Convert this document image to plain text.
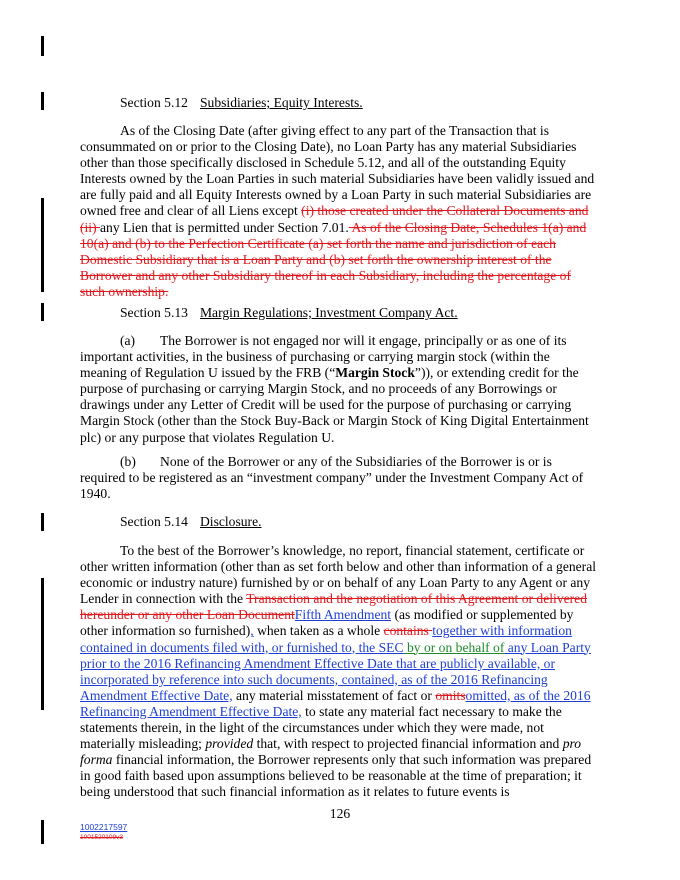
Section 5.12 Subsidiaries; Equity Interests.
As of the Closing Date (after giving effect to any part of the Transaction that is consummated on or prior to the Closing Date), no Loan Party has any material Subsidiaries other than those specifically disclosed in Schedule 5.12, and all of the outstanding Equity Interests owned by the Loan Parties in such material Subsidiaries have been validly issued and are fully paid and all Equity Interests owned by a Loan Party in such material Subsidiaries are owned free and clear of all Liens except (i) those created under the Collateral Documents and (ii) any Lien that is permitted under Section 7.01. As of the Closing Date, Schedules 1(a) and 10(a) and (b) to the Perfection Certificate (a) set forth the name and jurisdiction of each Domestic Subsidiary that is a Loan Party and (b) set forth the ownership interest of the Borrower and any other Subsidiary thereof in each Subsidiary, including the percentage of such ownership.
Section 5.13 Margin Regulations; Investment Company Act.
(a) The Borrower is not engaged nor will it engage, principally or as one of its important activities, in the business of purchasing or carrying margin stock (within the meaning of Regulation U issued by the FRB (“Margin Stock”)), or extending credit for the purpose of purchasing or carrying Margin Stock, and no proceeds of any Borrowings or drawings under any Letter of Credit will be used for the purpose of purchasing or carrying Margin Stock (other than the Stock Buy-Back or Margin Stock of King Digital Entertainment plc) or any purpose that violates Regulation U.
(b) None of the Borrower or any of the Subsidiaries of the Borrower is or is required to be registered as an “investment company” under the Investment Company Act of 1940.
Section 5.14 Disclosure.
To the best of the Borrower’s knowledge, no report, financial statement, certificate or other written information (other than as set forth below and other than information of a general economic or industry nature) furnished by or on behalf of any Loan Party to any Agent or any Lender in connection with the Transaction and the negotiation of this Agreement or delivered hereunder or any other Loan DocumentFifth Amendment (as modified or supplemented by other information so furnished), when taken as a whole contains together with information contained in documents filed with, or furnished to, the SEC by or on behalf of any Loan Party prior to the 2016 Refinancing Amendment Effective Date that are publicly available, or incorporated by reference into such documents, contained, as of the 2016 Refinancing Amendment Effective Date, any material misstatement of fact or omitsomitted, as of the 2016 Refinancing Amendment Effective Date, to state any material fact necessary to make the statements therein, in the light of the circumstances under which they were made, not materially misleading; provided that, with respect to projected financial information and pro forma financial information, the Borrower represents only that such information was prepared in good faith based upon assumptions believed to be reasonable at the time of preparation; it being understood that such financial information as it relates to future events is
126
1002217597
1001520109v3
